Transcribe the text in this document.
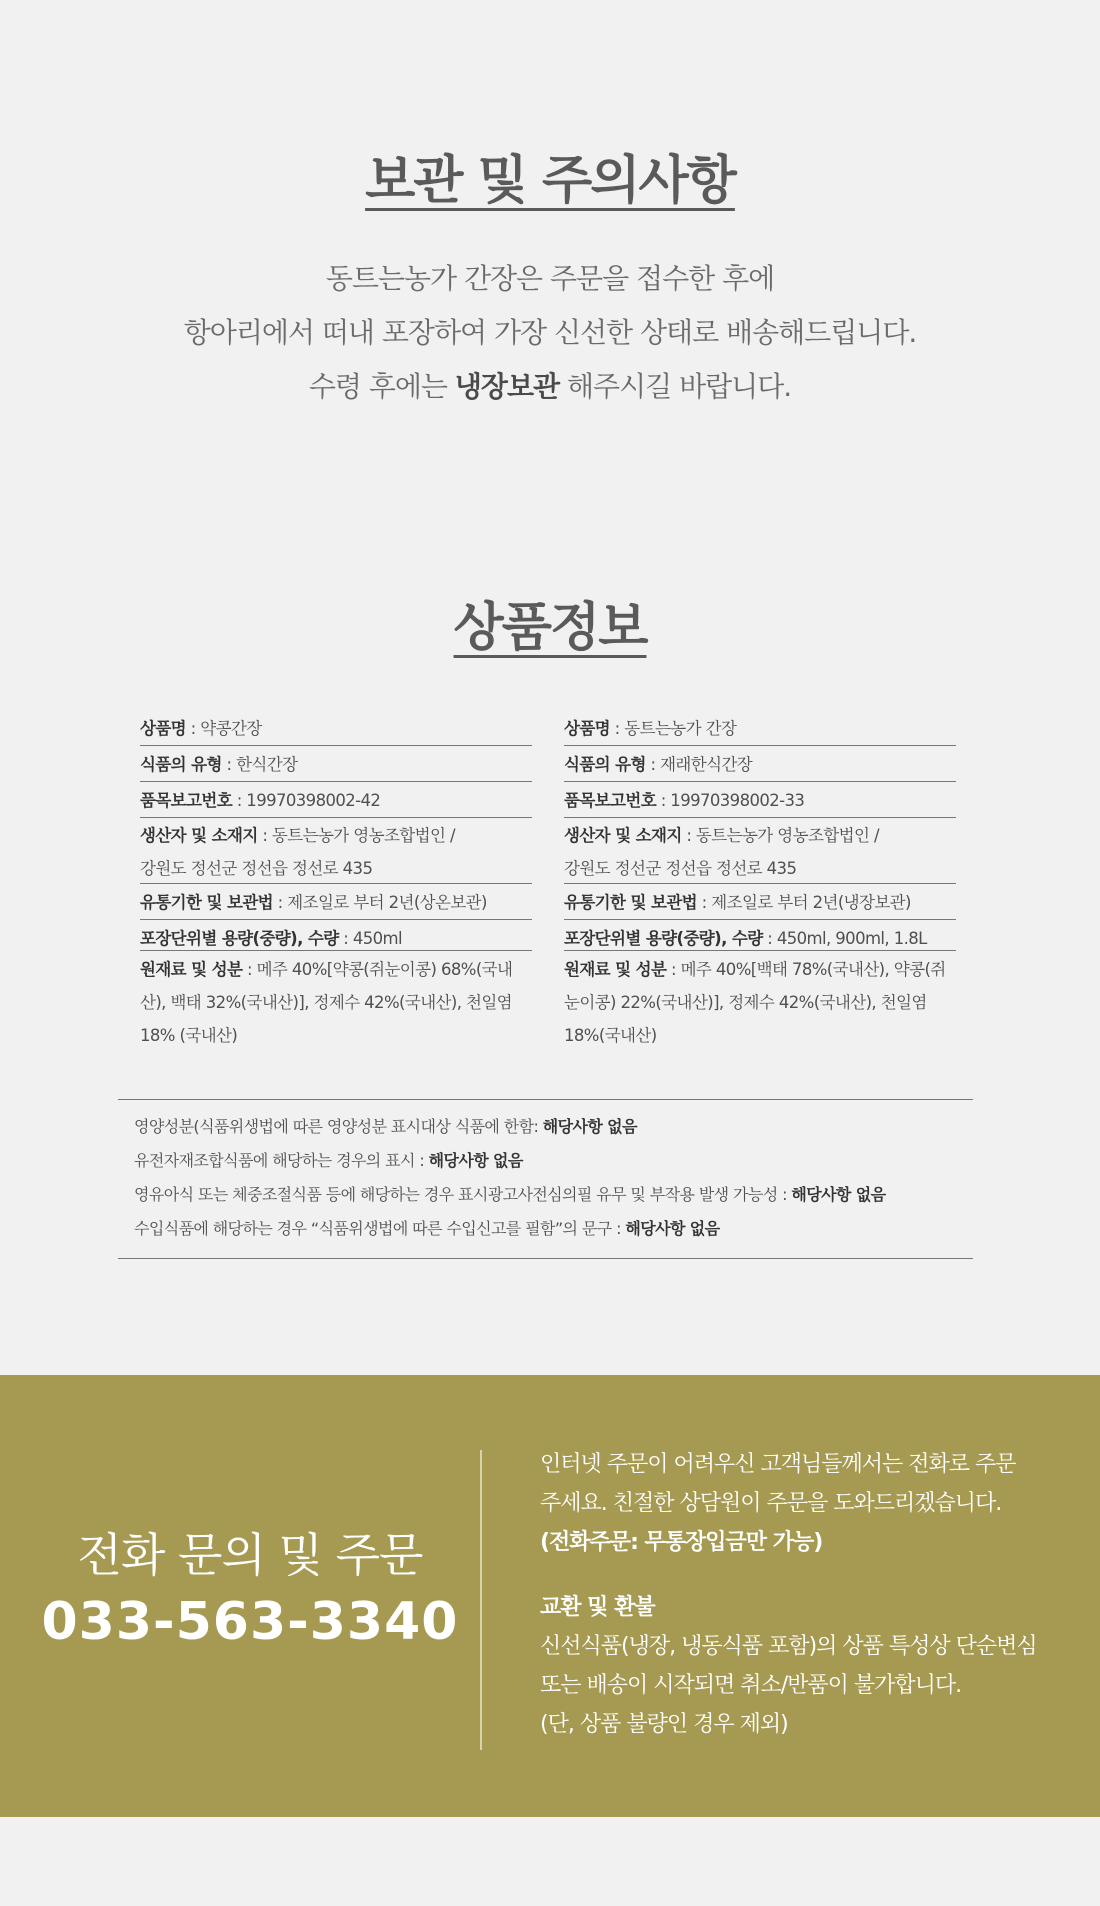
보관 및 주의사항
동트는농가 간장은 주문을 접수한 후에
항아리에서 떠내 포장하여 가장 신선한 상태로 배송해드립니다.
수령 후에는 냉장보관 해주시길 바랍니다.
상품정보
상품명 : 약콩간장
식품의 유형 : 한식간장
품목보고번호 : 19970398002-42
생산자 및 소재지 : 동트는농가 영농조합법인 /
강원도 정선군 정선읍 정선로 435
유통기한 및 보관법 : 제조일로 부터 2년(상온보관)
포장단위별 용량(중량), 수량 : 450ml
원재료 및 성분 : 메주 40%[약콩(쥐눈이콩) 68%(국내산), 백태 32%(국내산)], 정제수 42%(국내산), 천일염 18% (국내산)
상품명 : 동트는농가 간장
식품의 유형 : 재래한식간장
품목보고번호 : 19970398002-33
생산자 및 소재지 : 동트는농가 영농조합법인 /
강원도 정선군 정선읍 정선로 435
유통기한 및 보관법 : 제조일로 부터 2년(냉장보관)
포장단위별 용량(중량), 수량 : 450ml, 900ml, 1.8L
원재료 및 성분 : 메주 40%[백태 78%(국내산), 약콩(쥐눈이콩) 22%(국내산)], 정제수 42%(국내산), 천일염 18%(국내산)
영양성분(식품위생법에 따른 영양성분 표시대상 식품에 한함: 해당사항 없음
유전자재조합식품에 해당하는 경우의 표시 : 해당사항 없음
영유아식 또는 체중조절식품 등에 해당하는 경우 표시광고사전심의필 유무 및 부작용 발생 가능성 : 해당사항 없음
수입식품에 해당하는 경우 “식품위생법에 따른 수입신고를 필함”의 문구 : 해당사항 없음
전화 문의 및 주문
033-563-3340
인터넷 주문이 어려우신 고객님들께서는 전화로 주문
주세요. 친절한 상담원이 주문을 도와드리겠습니다.
(전화주문: 무통장입금만 가능)
교환 및 환불
신선식품(냉장, 냉동식품 포함)의 상품 특성상 단순변심
또는 배송이 시작되면 취소/반품이 불가합니다.
(단, 상품 불량인 경우 제외)
